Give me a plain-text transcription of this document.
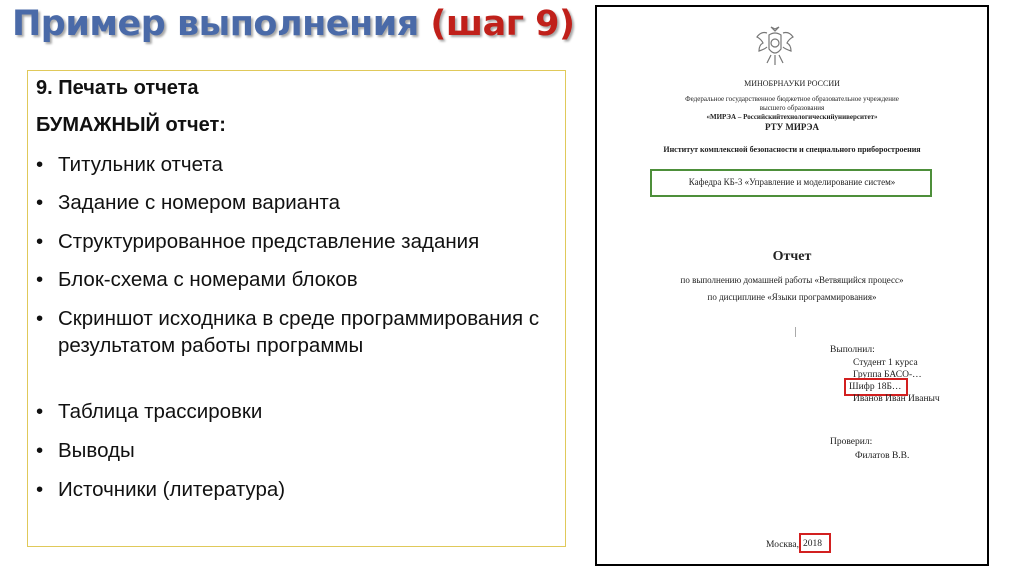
Пример выполнения (шаг 9)
9. Печать отчета
БУМАЖНЫЙ отчет:
• Титульник отчета
• Задание с номером варианта
• Структурированное представление задания
• Блок-схема с номерами блоков
• Скриншот исходника в среде программирования с результатом работы программы
• Таблица трассировки
• Выводы
• Источники (литература)
МИНОБРНАУКИ РОССИИ
Федеральное государственное бюджетное образовательное учреждение
высшего образования
«МИРЭА – Российскийтехнологическийуниверситет»
РТУ МИРЭА
Институт комплексной безопасности и специального приборостроения
Кафедра КБ-3 «Управление и моделирование систем»
Отчет
по выполнению домашней работы «Ветвящийся процесс»
по дисциплине «Языки программирования»
Выполнил:
Студент 1 курса
Группа БАСО-…
Шифр 18Б…
Иванов Иван Иваныч
Проверил:
Филатов В.В.
Москва, 2018
